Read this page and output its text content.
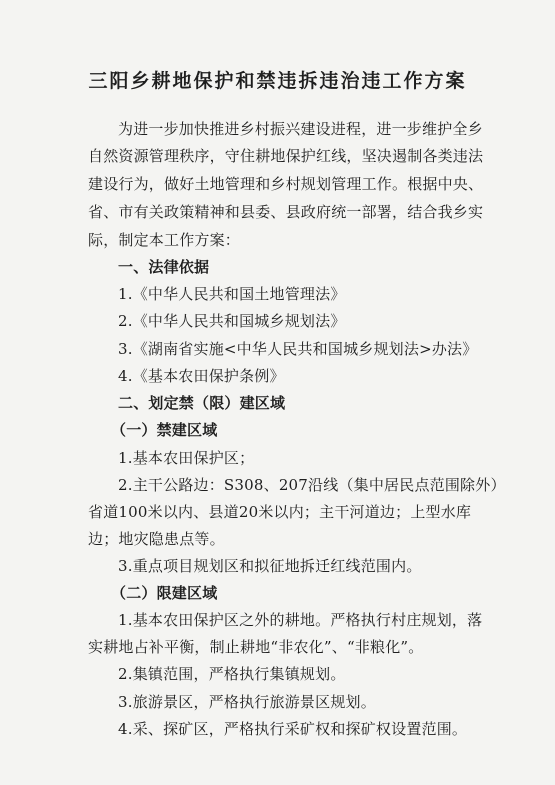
三阳乡耕地保护和禁违拆违治违工作方案
为进一步加快推进乡村振兴建设进程，进一步维护全乡
自然资源管理秩序，守住耕地保护红线，坚决遏制各类违法
建设行为，做好土地管理和乡村规划管理工作。根据中央、
省、市有关政策精神和县委、县政府统一部署，结合我乡实
际，制定本工作方案：
一、法律依据
1.《中华人民共和国土地管理法》
2.《中华人民共和国城乡规划法》
3.《湖南省实施<中华人民共和国城乡规划法>办法》
4.《基本农田保护条例》
二、划定禁（限）建区域
（一）禁建区域
1.基本农田保护区；
2.主干公路边：S308、207沿线（集中居民点范围除外）
省道100米以内、县道20米以内；主干河道边；上型水库
边；地灾隐患点等。
3.重点项目规划区和拟征地拆迁红线范围内。
（二）限建区域
1.基本农田保护区之外的耕地。严格执行村庄规划，落
实耕地占补平衡，制止耕地“非农化”、“非粮化”。
2.集镇范围，严格执行集镇规划。
3.旅游景区，严格执行旅游景区规划。
4.采、探矿区，严格执行采矿权和探矿权设置范围。
